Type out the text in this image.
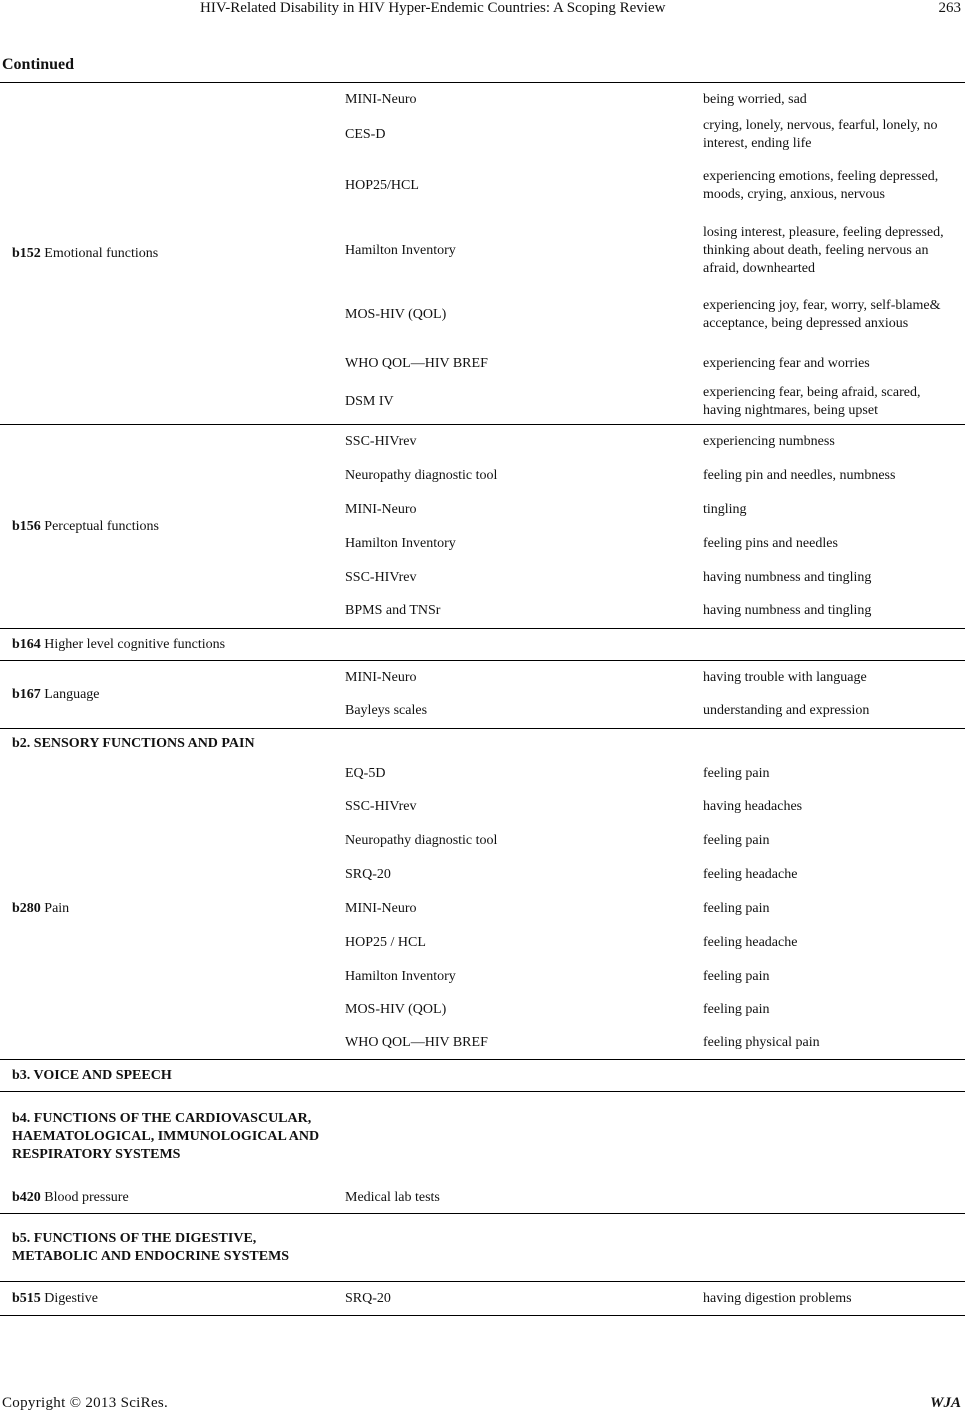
HIV-Related Disability in HIV Hyper-Endemic Countries: A Scoping Review	263
Continued
b152 Emotional functions	MINI-Neuro	being worried, sad
	CES-D	crying, lonely, nervous, fearful, lonely, no interest, ending life
	HOP25/HCL	experiencing emotions, feeling depressed, moods, crying, anxious, nervous
	Hamilton Inventory	losing interest, pleasure, feeling depressed, thinking about death, feeling nervous an afraid, downhearted
	MOS-HIV (QOL)	experiencing joy, fear, worry, self-blame& acceptance, being depressed anxious
	WHO QOL—HIV BREF	experiencing fear and worries
	DSM IV	experiencing fear, being afraid, scared, having nightmares, being upset
b156 Perceptual functions	SSC-HIVrev	experiencing numbness
	Neuropathy diagnostic tool	feeling pin and needles, numbness
	MINI-Neuro	tingling
	Hamilton Inventory	feeling pins and needles
	SSC-HIVrev	having numbness and tingling
	BPMS and TNSr	having numbness and tingling
b164 Higher level cognitive functions		
b167 Language	MINI-Neuro	having trouble with language
	Bayleys scales	understanding and expression
b2. SENSORY FUNCTIONS AND PAIN		
b280 Pain	EQ-5D	feeling pain
	SSC-HIVrev	having headaches
	Neuropathy diagnostic tool	feeling pain
	SRQ-20	feeling headache
	MINI-Neuro	feeling pain
	HOP25 / HCL	feeling headache
	Hamilton Inventory	feeling pain
	MOS-HIV (QOL)	feeling pain
	WHO QOL—HIV BREF	feeling physical pain
b3. VOICE AND SPEECH		
b4. FUNCTIONS OF THE CARDIOVASCULAR, HAEMATOLOGICAL, IMMUNOLOGICAL AND RESPIRATORY SYSTEMS		
b420 Blood pressure	Medical lab tests	
b5. FUNCTIONS OF THE DIGESTIVE, METABOLIC AND ENDOCRINE SYSTEMS		
b515 Digestive	SRQ-20	having digestion problems
Copyright © 2013 SciRes.	WJA
